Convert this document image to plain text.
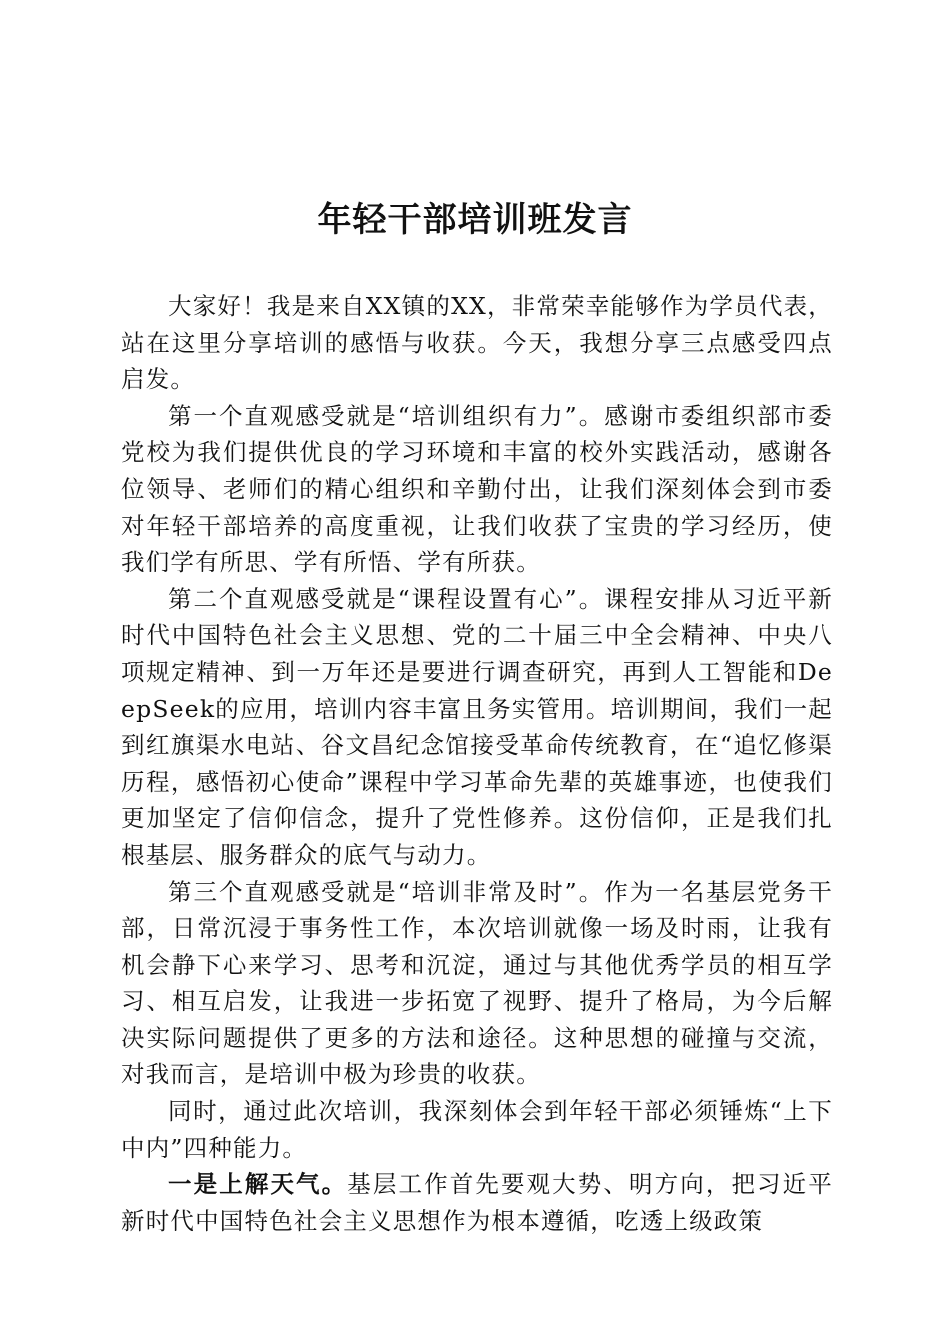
年轻干部培训班发言

大家好！我是来自XX镇的XX，非常荣幸能够作为学员代表，站在这里分享培训的感悟与收获。今天，我想分享三点感受四点启发。

第一个直观感受就是“培训组织有力”。感谢市委组织部市委党校为我们提供优良的学习环境和丰富的校外实践活动，感谢各位领导、老师们的精心组织和辛勤付出，让我们深刻体会到市委对年轻干部培养的高度重视，让我们收获了宝贵的学习经历，使我们学有所思、学有所悟、学有所获。

第二个直观感受就是“课程设置有心”。课程安排从习近平新时代中国特色社会主义思想、党的二十届三中全会精神、中央八项规定精神、到一万年还是要进行调查研究，再到人工智能和DeepSeek的应用，培训内容丰富且务实管用。培训期间，我们一起到红旗渠水电站、谷文昌纪念馆接受革命传统教育，在“追忆修渠历程，感悟初心使命”课程中学习革命先辈的英雄事迹，也使我们更加坚定了信仰信念，提升了党性修养。这份信仰，正是我们扎根基层、服务群众的底气与动力。

第三个直观感受就是“培训非常及时”。作为一名基层党务干部，日常沉浸于事务性工作，本次培训就像一场及时雨，让我有机会静下心来学习、思考和沉淀，通过与其他优秀学员的相互学习、相互启发，让我进一步拓宽了视野、提升了格局，为今后解决实际问题提供了更多的方法和途径。这种思想的碰撞与交流，对我而言，是培训中极为珍贵的收获。

同时，通过此次培训，我深刻体会到年轻干部必须锤炼“上下中内”四种能力。

一是上解天气。基层工作首先要观大势、明方向，把习近平新时代中国特色社会主义思想作为根本遵循，吃透上级政策
